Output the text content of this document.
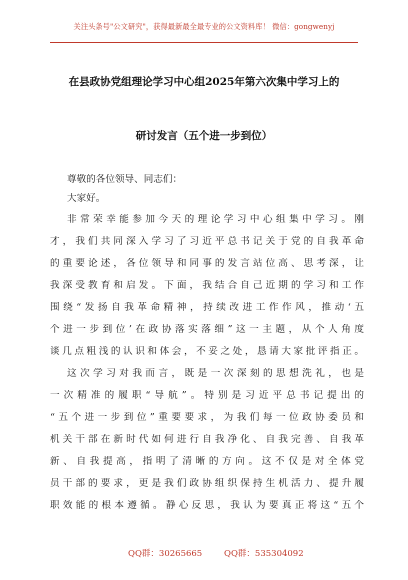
关注头条号"公文研究"，获得最新最全最专业的公文资料库！ 微信：gongwenyj
在县政协党组理论学习中心组2025年第六次集中学习上的
研讨发言（五个进一步到位）
尊敬的各位领导、同志们：
大家好。
非常荣幸能参加今天的理论学习中心组集中学习。刚
才，我们共同深入学习了习近平总书记关于党的自我革命
的重要论述，各位领导和同事的发言站位高、思考深，让
我深受教育和启发。下面，我结合自己近期的学习和工作
围绕“发扬自我革命精神，持续改进工作作风，推动‘五
个进一步到位’在政协落实落细”这一主题，从个人角度
谈几点粗浅的认识和体会，不妥之处，恳请大家批评指正。
这次学习对我而言，既是一次深刻的思想洗礼，也是
一次精准的履职“导航”。特别是习近平总书记提出的
“五个进一步到位”重要要求，为我们每一位政协委员和
机关干部在新时代如何进行自我净化、自我完善、自我革
新、自我提高，指明了清晰的方向。这不仅是对全体党
员干部的要求，更是我们政协组织保持生机活力、提升履
职效能的根本遵循。静心反思，我认为要真正将这“五个
QQ群：30265665	QQ群：535304092
